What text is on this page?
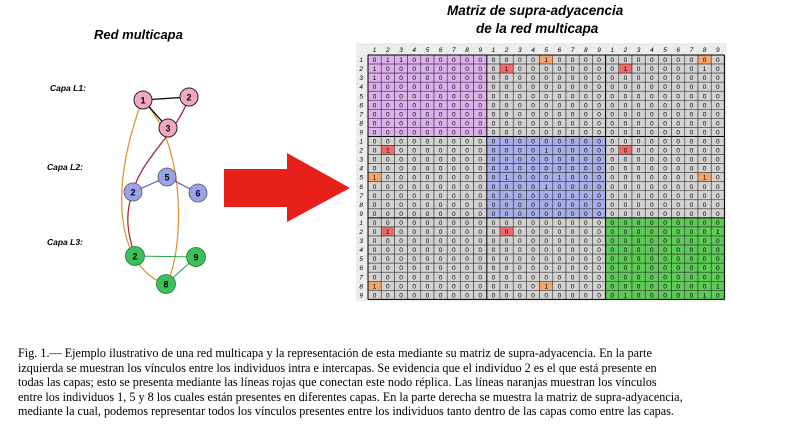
Red multicapa
Matriz de supra-adyacencia
de la red multicapa
Capa L1:
Capa L2:
Capa L3:
1	2
3
5
2	6
2	9
8
1 2 3 4 5 6 7 8 9 1 2 3 4 5 6 7 8 9 1 2 3 4 5 6 7 8 9
1 0 1 1 0 0 0 0 0 0 0 0 0 0 1 0 0 0 0 0 0 0 0 0 0 0 0 0
2 1 0 0 0 0 0 0 0 0 0 1 0 0 0 0 0 0 0 0 1 0 0 0 0 0 1 0
3 1 0 0 0 0 0 0 0 0 0 0 0 0 0 0 0 0 0 0 0 0 0 0 0 0 0 0
4 0 0 0 0 0 0 0 0 0 0 0 0 0 0 0 0 0 0 0 0 0 0 0 0 0 0 0
5 0 0 0 0 0 0 0 0 0 0 0 0 0 0 0 0 0 0 0 0 0 0 0 0 0 0 0
6 0 0 0 0 0 0 0 0 0 0 0 0 0 0 0 0 0 0 0 0 0 0 0 0 0 0 0
7 0 0 0 0 0 0 0 0 0 0 0 0 0 0 0 0 0 0 0 0 0 0 0 0 0 0 0
8 0 0 0 0 0 0 0 0 0 0 0 0 0 0 0 0 0 0 0 0 0 0 0 0 0 0 0
9 0 0 0 0 0 0 0 0 0 0 0 0 0 0 0 0 0 0 0 0 0 0 0 0 0 0 0
1 0 0 0 0 0 0 0 0 0 0 0 0 0 0 0 0 0 0 0 0 0 0 0 0 0 0 0
2 0 1 0 0 0 0 0 0 0 0 0 0 0 1 0 0 0 0 0 0 0 0 0 0 0 0 0
3 0 0 0 0 0 0 0 0 0 0 0 0 0 0 0 0 0 0 0 0 0 0 0 0 0 0 0
4 0 0 0 0 0 0 0 0 0 0 0 0 0 0 0 0 0 0 0 0 0 0 0 0 0 0 0
5 1 0 0 0 0 0 0 0 0 0 1 0 0 0 1 0 0 0 0 0 0 0 0 0 0 1 0
6 0 0 0 0 0 0 0 0 0 0 0 0 0 1 0 0 0 0 0 0 0 0 0 0 0 0 0
7 0 0 0 0 0 0 0 0 0 0 0 0 0 0 0 0 0 0 0 0 0 0 0 0 0 0 0
8 0 0 0 0 0 0 0 0 0 0 0 0 0 0 0 0 0 0 0 0 0 0 0 0 0 0 0
9 0 0 0 0 0 0 0 0 0 0 0 0 0 0 0 0 0 0 0 0 0 0 0 0 0 0 0
1 0 0 0 0 0 0 0 0 0 0 0 0 0 0 0 0 0 0 0 0 0 0 0 0 0 0 0
2 0 1 0 0 0 0 0 0 0 0 0 0 0 0 0 0 0 0 0 0 0 0 0 0 0 0 1
3 0 0 0 0 0 0 0 0 0 0 0 0 0 0 0 0 0 0 0 0 0 0 0 0 0 0 0
4 0 0 0 0 0 0 0 0 0 0 0 0 0 0 0 0 0 0 0 0 0 0 0 0 0 0 0
5 0 0 0 0 0 0 0 0 0 0 0 0 0 0 0 0 0 0 0 0 0 0 0 0 0 0 0
6 0 0 0 0 0 0 0 0 0 0 0 0 0 0 0 0 0 0 0 0 0 0 0 0 0 0 0
7 0 0 0 0 0 0 0 0 0 0 0 0 0 0 0 0 0 0 0 0 0 0 0 0 0 0 0
8 1 0 0 0 0 0 0 0 0 0 0 0 0 1 0 0 0 0 0 0 0 0 0 0 0 0 1
9 0 0 0 0 0 0 0 0 0 0 0 0 0 0 0 0 0 0 0 1 0 0 0 0 0 1 0
Fig. 1.— Ejemplo ilustrativo de una red multicapa y la representación de esta mediante su matriz de supra-adyacencia. En la parte
izquierda se muestran los vínculos entre los individuos intra e intercapas. Se evidencia que el individuo 2 es el que está presente en
todas las capas; esto se presenta mediante las líneas rojas que conectan este nodo réplica. Las líneas naranjas muestran los vínculos
entre los individuos 1, 5 y 8 los cuales están presentes en diferentes capas. En la parte derecha se muestra la matriz de supra-adyacencia,
mediante la cual, podemos representar todos los vínculos presentes entre los individuos tanto dentro de las capas como entre las capas.
